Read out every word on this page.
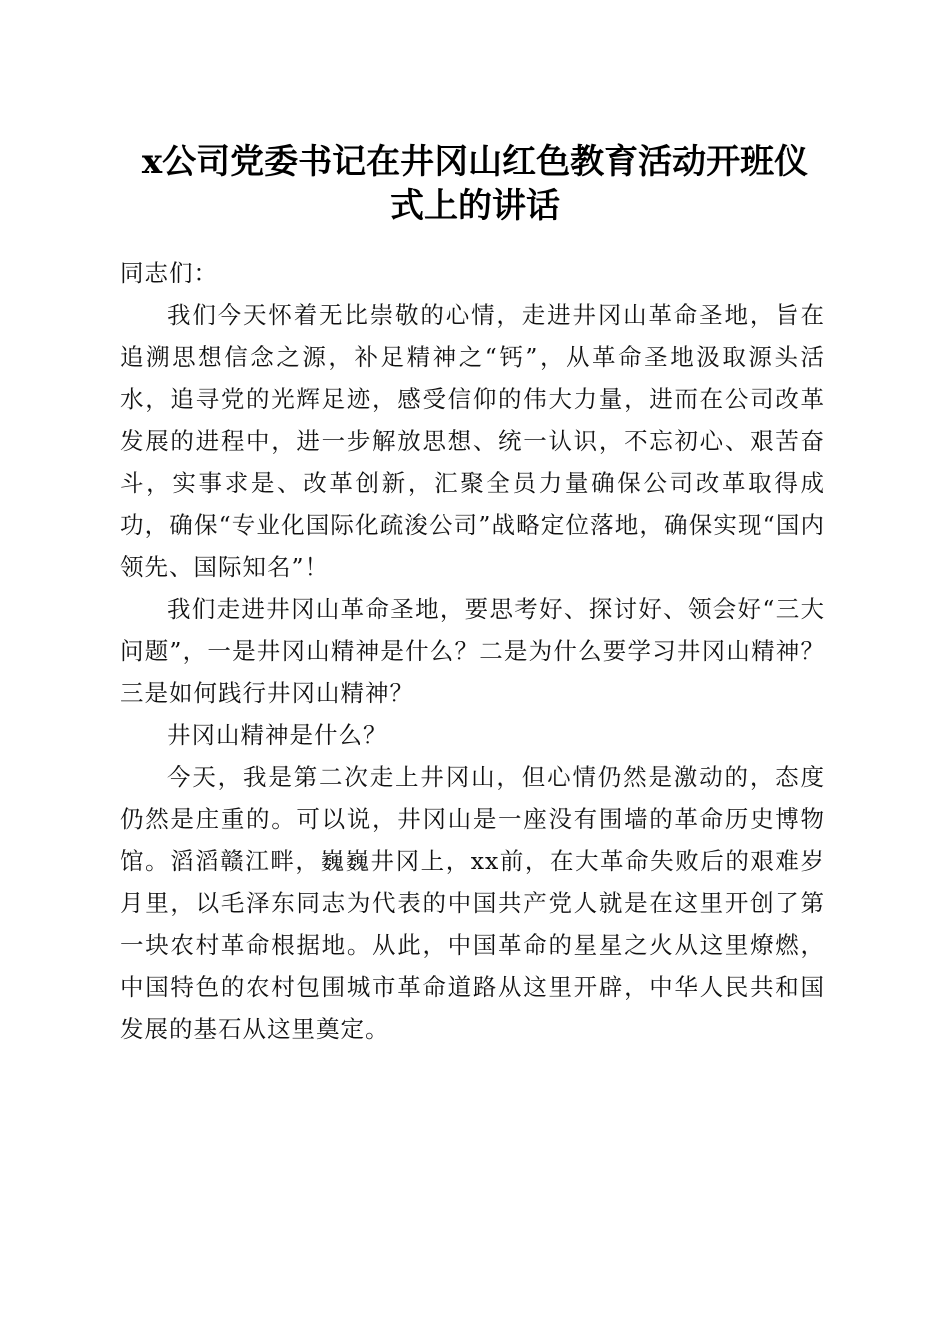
x公司党委书记在井冈山红色教育活动开班仪
式上的讲话

同志们：

我们今天怀着无比崇敬的心情，走进井冈山革命圣地，旨在追溯思想信念之源，补足精神之“钙”，从革命圣地汲取源头活水，追寻党的光辉足迹，感受信仰的伟大力量，进而在公司改革发展的进程中，进一步解放思想、统一认识，不忘初心、艰苦奋斗，实事求是、改革创新，汇聚全员力量确保公司改革取得成功，确保“专业化国际化疏浚公司”战略定位落地，确保实现“国内领先、国际知名”！

我们走进井冈山革命圣地，要思考好、探讨好、领会好“三大问题”，一是井冈山精神是什么？二是为什么要学习井冈山精神？三是如何践行井冈山精神？

井冈山精神是什么？

今天，我是第二次走上井冈山，但心情仍然是激动的，态度仍然是庄重的。可以说，井冈山是一座没有围墙的革命历史博物馆。滔滔赣江畔，巍巍井冈上，xx前，在大革命失败后的艰难岁月里，以毛泽东同志为代表的中国共产党人就是在这里开创了第一块农村革命根据地。从此，中国革命的星星之火从这里燎燃，中国特色的农村包围城市革命道路从这里开辟，中华人民共和国发展的基石从这里奠定。
